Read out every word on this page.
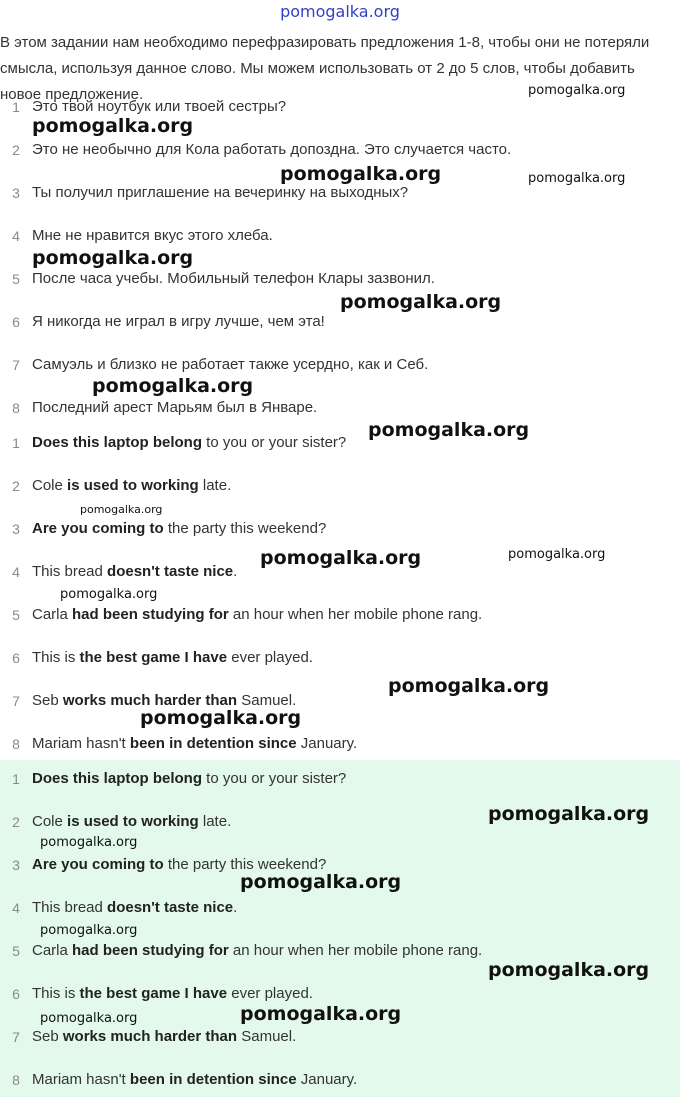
pomogalka.org

В этом задании нам необходимо перефразировать предложения 1-8, чтобы они не потеряли смысла, используя данное слово. Мы можем использовать от 2 до 5 слов, чтобы добавить новое предложение.

1 Это твой ноутбук или твоей сестры?
2 Это не необычно для Кола работать допоздна. Это случается часто.
3 Ты получил приглашение на вечеринку на выходных?
4 Мне не нравится вкус этого хлеба.
5 После часа учебы. Мобильный телефон Клары зазвонил.
6 Я никогда не играл в игру лучше, чем эта!
7 Самуэль и близко не работает также усердно, как и Себ.
8 Последний арест Марьям был в Январе.
1 Does this laptop belong to you or your sister?
2 Cole is used to working late.
3 Are you coming to the party this weekend?
4 This bread doesn't taste nice.
5 Carla had been studying for an hour when her mobile phone rang.
6 This is the best game I have ever played.
7 Seb works much harder than Samuel.
8 Mariam hasn't been in detention since January.
1 Does this laptop belong to you or your sister?
2 Cole is used to working late.
3 Are you coming to the party this weekend?
4 This bread doesn't taste nice.
5 Carla had been studying for an hour when her mobile phone rang.
6 This is the best game I have ever played.
7 Seb works much harder than Samuel.
8 Mariam hasn't been in detention since January.
pomogalka.org
pomogalka.org
pomogalka.org	pomogalka.org
pomogalka.org
pomogalka.org
pomogalka.org
pomogalka.org
pomogalka.org
pomogalka.org	pomogalka.org
pomogalka.org
pomogalka.org
pomogalka.org
pomogalka.org
pomogalka.org
pomogalka.org
pomogalka.org
pomogalka.org
pomogalka.org	pomogalka.org
